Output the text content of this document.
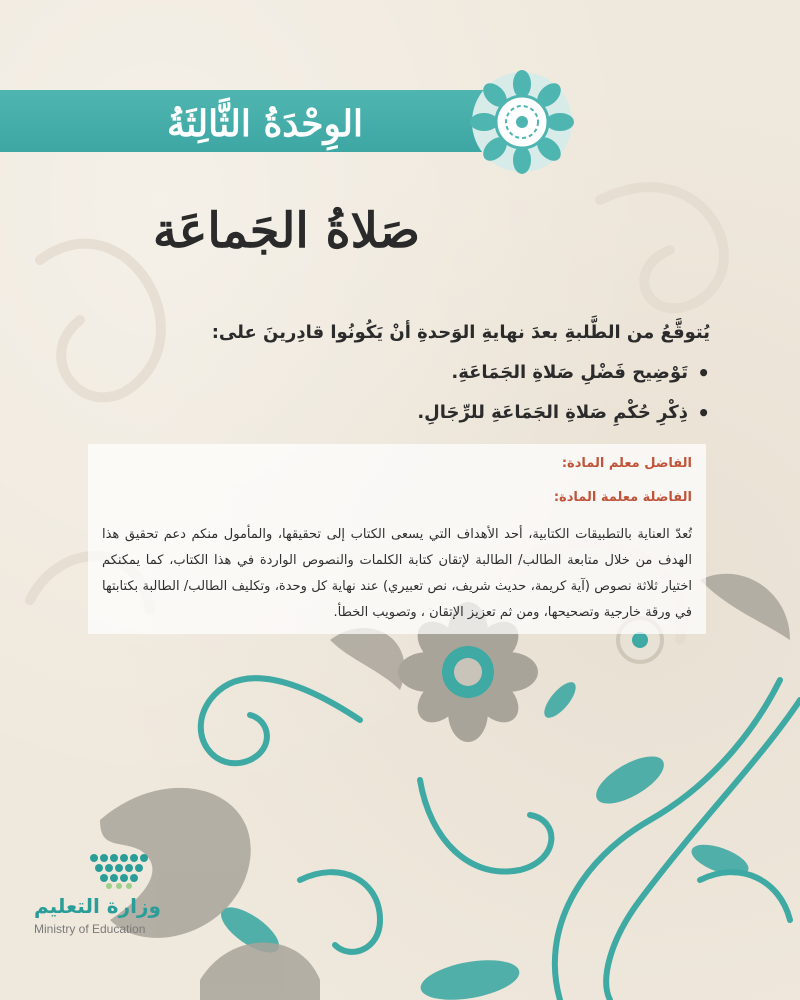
الوِحْدَةُ الثَّالِثَةُ
صَلاةُ الجَماعَة

يُتوقَّعُ من الطَّلبةِ بعدَ نهايةِ الوَحدةِ أنْ يَكُونُوا قادِرينَ على:

•
تَوْضِيح فَضْلِ صَلاةِ الجَمَاعَةِ.
•
ذِكْرِ حُكْمِ صَلاةِ الجَمَاعَةِ للرِّجَالِ.

الفاضل معلم المادة:

الفاضلة معلمة المادة:

تُعدّ العناية بالتطبيقات الكتابية، أحد الأهداف التي يسعى الكتاب إلى تحقيقها، والمأمول منكم دعم تحقيق هذا الهدف من خلال متابعة الطالب/ الطالبة لإتقان كتابة الكلمات والنصوص الواردة في هذا الكتاب، كما يمكنكم اختيار ثلاثة نصوص (آية كريمة، حديث شريف، نص تعبيري) عند نهاية كل وحدة، وتكليف الطالب/ الطالبة بكتابتها في ورقة خارجية وتصحيحها، ومن ثم تعزيز الإتقان ، وتصويب الخطأ.

وزارة التعليم
Ministry of Education
